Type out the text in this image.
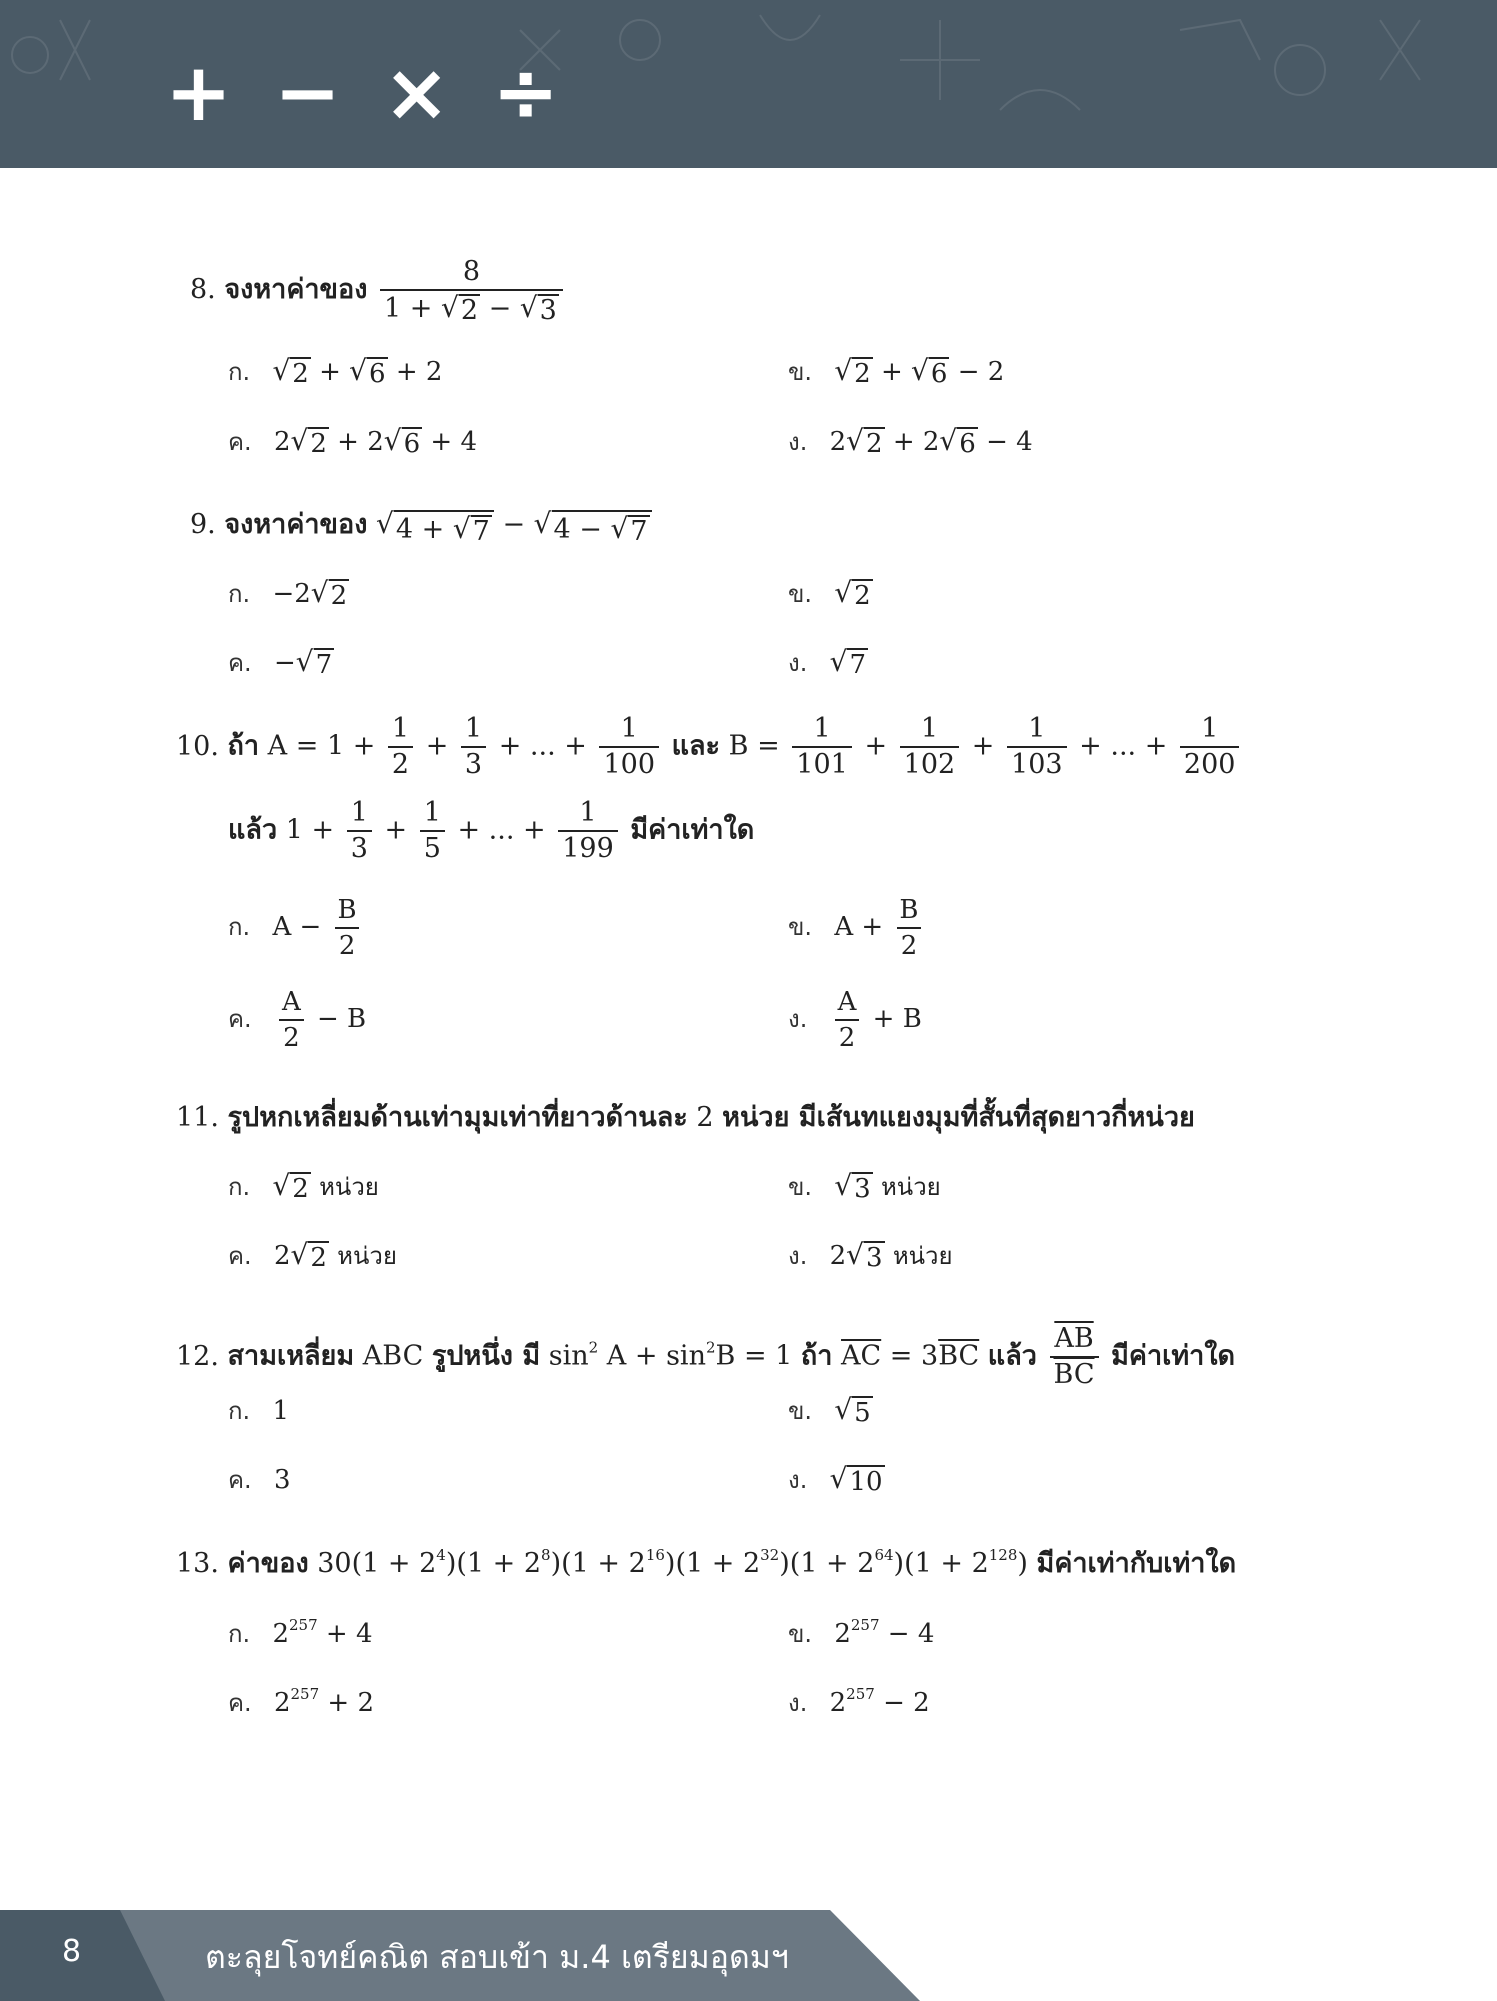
+ − × ÷
8. จงหาค่าของ $\frac{8}{1 + √ 2 - √ 3}$
ก. √ 2 + √ 6 + 2	ข. √ 2 + √ 6 − 2
ค. 2 √ 2 + 2 √ 6 + 4	ง. 2 √ 2 + 2 √ 6 − 4
9. จงหาค่าของ √ 4 + √ 7 − √ 4 − √ 7
ก. −2 √ 2	ข. √ 2
ค. − √ 7	ง. √ 7
10. ถ้า $A = 1 + \frac{1}{2} + \frac{1}{3}$ + ... + $\frac{1}{100}$ และ $B = \frac{1}{101} + \frac{1}{102} + \frac{1}{103}$ + ... + $\frac{1}{200}$
แล้ว $1 + \frac{1}{3} + \frac{1}{5}$ + ... + $\frac{1}{199}$ มีค่าเท่าใด
ก. $A - \frac{B}{2}$	ข. $A + \frac{B}{2}$
ค. $\frac{A}{2} - B$	ง. $\frac{A}{2} + B$
11. รูปหกเหลี่ยมด้านเท่ามุมเท่าที่ยาวด้านละ 2 หน่วย มีเส้นทแยงมุมที่สั้นที่สุดยาวกี่หน่วย
ก. √ 2 หน่วย	ข. √ 3 หน่วย
ค. 2 √ 2 หน่วย	ง. 2 √ 3 หน่วย
12. สามเหลี่ยม ABC รูปหนึ่ง มี $\sin^2 A + \sin^2B = 1$ ถ้า $\overline{AC} = 3\overline{BC}$ แล้ว $\frac{\overline{AB}}{BC}$ มีค่าเท่าใด
ก. 1	ข. √ 5
ค. 3	ง. √ 10
13. ค่าของ $30(1 + 2^4)(1 + 2^8)(1 + 2^{16})(1 + 2^{32})(1 + 2^{64})(1 + 2^{128})$ มีค่าเท่ากับเท่าใด
ก. $2^{257} + 4$	ข. $2^{257} - 4$
ค. $2^{257} + 2$	ง. $2^{257} - 2$
8	ตะลุยโจทย์คณิต สอบเข้า ม.4 เตรียมอุดมฯ
